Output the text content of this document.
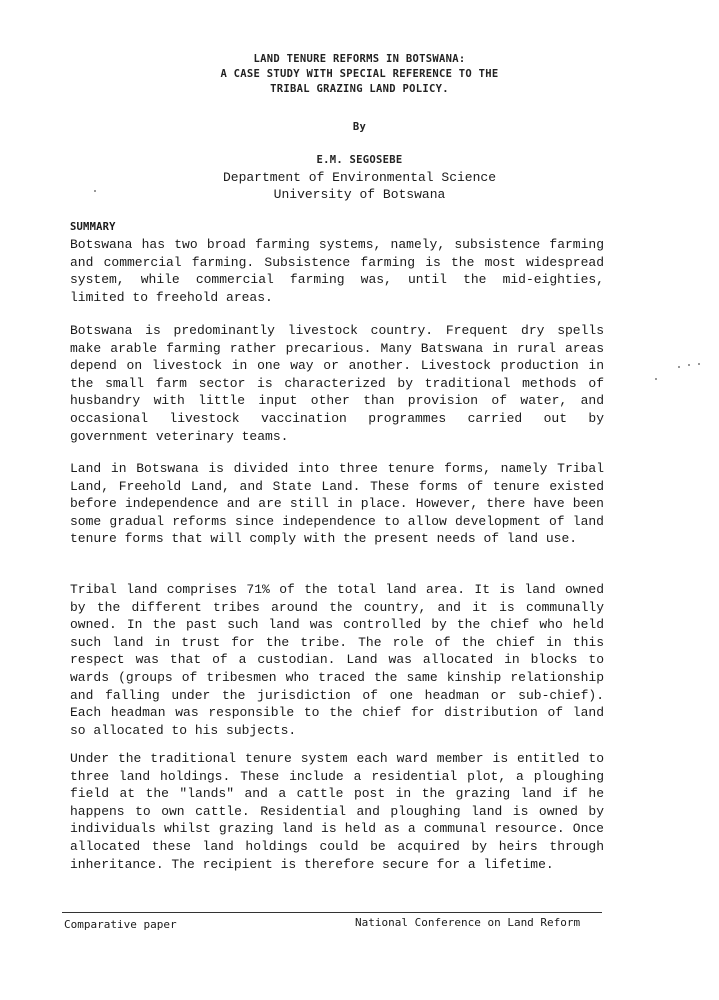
LAND TENURE REFORMS IN BOTSWANA:
A CASE STUDY WITH SPECIAL REFERENCE TO THE
TRIBAL GRAZING LAND POLICY.
By
E.M. SEGOSEBE
Department of Environmental Science
University of Botswana
SUMMARY
Botswana has two broad farming systems, namely, subsistence farming and commercial farming. Subsistence farming is the most widespread system, while commercial farming was, until the mid-eighties, limited to freehold areas.
Botswana is predominantly livestock country. Frequent dry spells make arable farming rather precarious. Many Batswana in rural areas depend on livestock in one way or another. Livestock production in the small farm sector is characterized by traditional methods of husbandry with little input other than provision of water, and occasional livestock vaccination programmes carried out by government veterinary teams.
Land in Botswana is divided into three tenure forms, namely Tribal Land, Freehold Land, and State Land. These forms of tenure existed before independence and are still in place. However, there have been some gradual reforms since independence to allow development of land tenure forms that will comply with the present needs of land use.
Tribal land comprises 71% of the total land area. It is land owned by the different tribes around the country, and it is communally owned. In the past such land was controlled by the chief who held such land in trust for the tribe. The role of the chief in this respect was that of a custodian. Land was allocated in blocks to wards (groups of tribesmen who traced the same kinship relationship and falling under the jurisdiction of one headman or sub-chief). Each headman was responsible to the chief for distribution of land so allocated to his subjects.
Under the traditional tenure system each ward member is entitled to three land holdings. These include a residential plot, a ploughing field at the "lands" and a cattle post in the grazing land if he happens to own cattle. Residential and ploughing land is owned by individuals whilst grazing land is held as a communal resource. Once allocated these land holdings could be acquired by heirs through inheritance. The recipient is therefore secure for a lifetime.
Comparative paper	National Conference on Land Reform
